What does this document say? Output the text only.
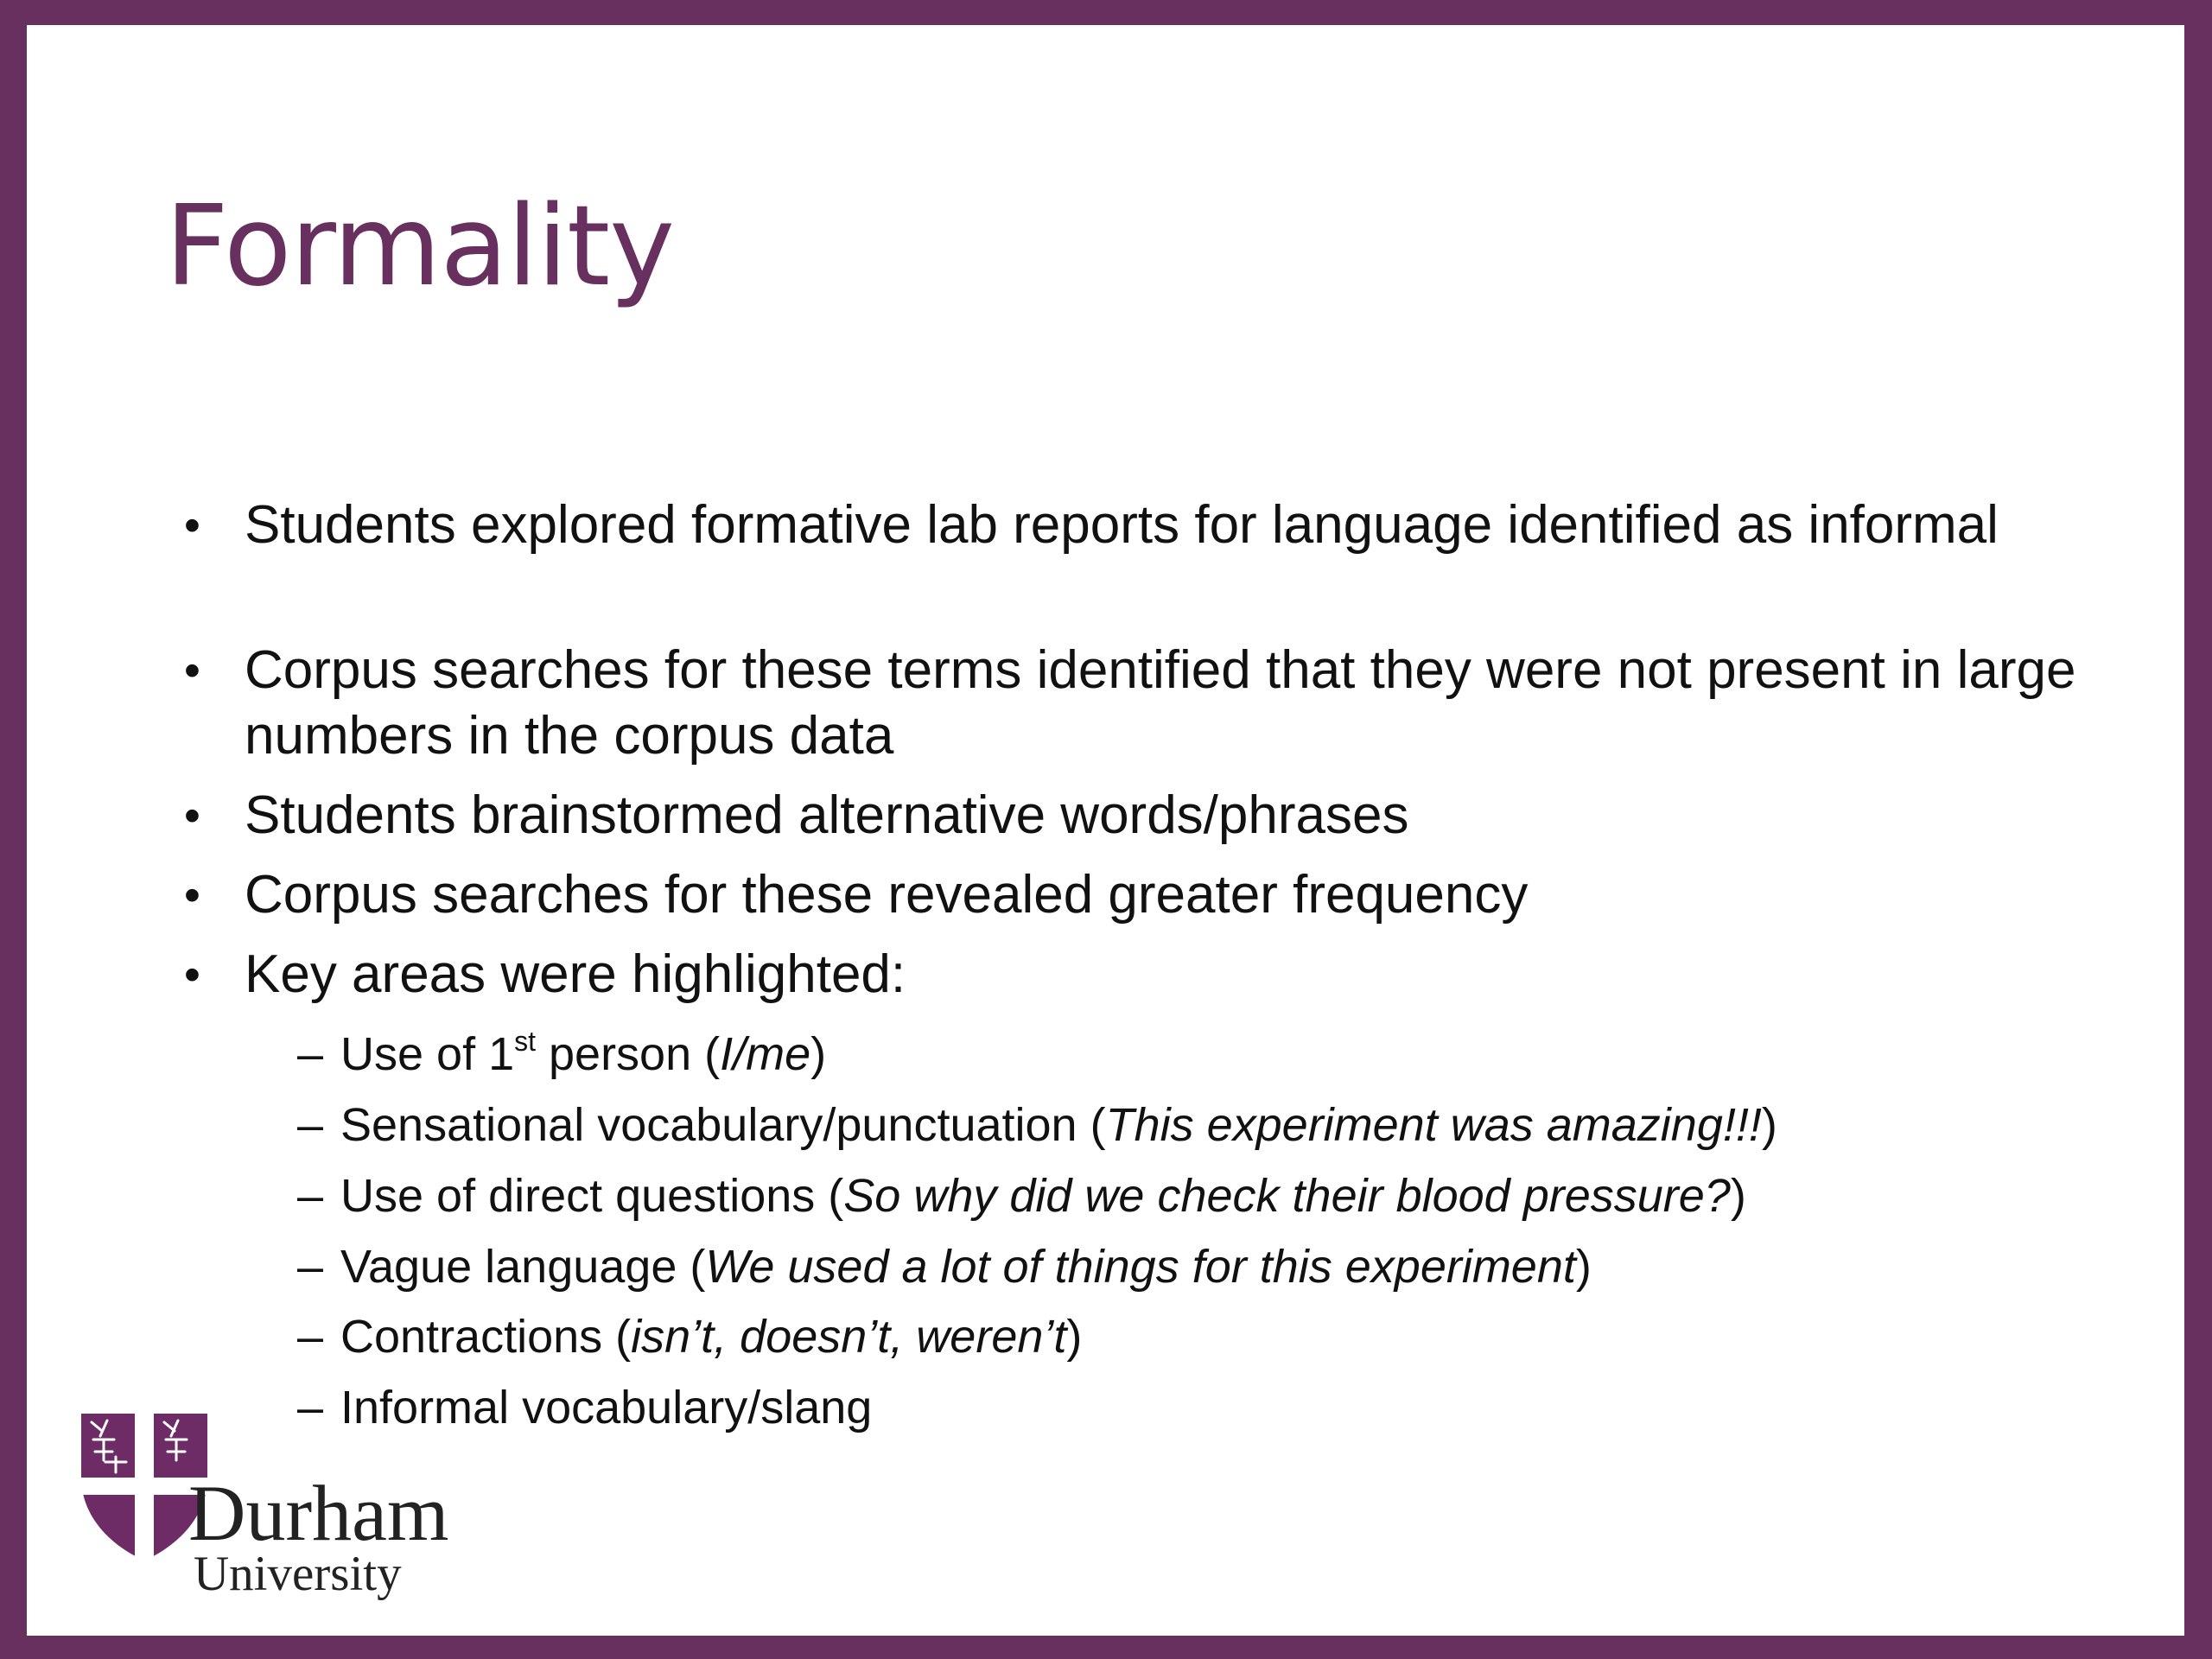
Formality
• Students explored formative lab reports for language identified as informal
• Corpus searches for these terms identified that they were not present in large numbers in the corpus data
• Students brainstormed alternative words/phrases
• Corpus searches for these revealed greater frequency
• Key areas were highlighted:
– Use of 1st person (I/me)
– Sensational vocabulary/punctuation (This experiment was amazing!!!)
– Use of direct questions (So why did we check their blood pressure?)
– Vague language (We used a lot of things for this experiment)
– Contractions (isn’t, doesn’t, weren’t)
– Informal vocabulary/slang
Durham
University
